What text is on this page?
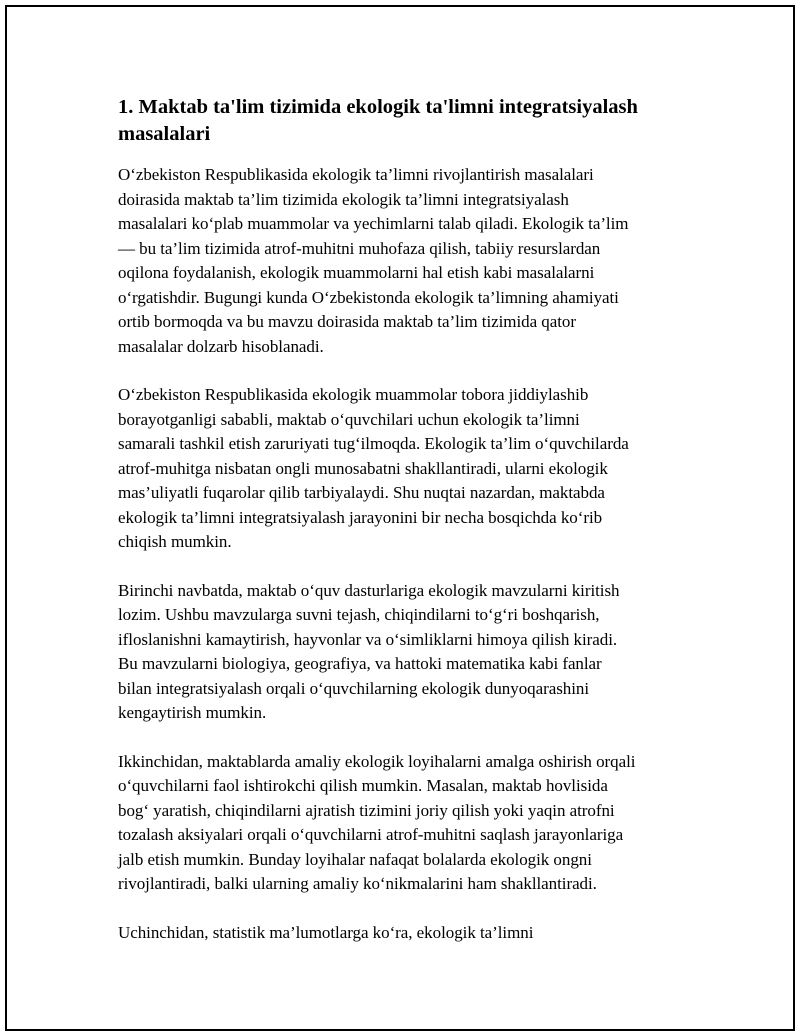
1. Maktab ta'lim tizimida ekologik ta'limni integratsiyalash
masalalari

O‘zbekiston Respublikasida ekologik ta’limni rivojlantirish masalalari
doirasida maktab ta’lim tizimida ekologik ta’limni integratsiyalash
masalalari ko‘plab muammolar va yechimlarni talab qiladi. Ekologik ta’lim
— bu ta’lim tizimida atrof-muhitni muhofaza qilish, tabiiy resurslardan
oqilona foydalanish, ekologik muammolarni hal etish kabi masalalarni
o‘rgatishdir. Bugungi kunda O‘zbekistonda ekologik ta’limning ahamiyati
ortib bormoqda va bu mavzu doirasida maktab ta’lim tizimida qator
masalalar dolzarb hisoblanadi.

O‘zbekiston Respublikasida ekologik muammolar tobora jiddiylashib
borayotganligi sababli, maktab o‘quvchilari uchun ekologik ta’limni
samarali tashkil etish zaruriyati tug‘ilmoqda. Ekologik ta’lim o‘quvchilarda
atrof-muhitga nisbatan ongli munosabatni shakllantiradi, ularni ekologik
mas’uliyatli fuqarolar qilib tarbiyalaydi. Shu nuqtai nazardan, maktabda
ekologik ta’limni integratsiyalash jarayonini bir necha bosqichda ko‘rib
chiqish mumkin.

Birinchi navbatda, maktab o‘quv dasturlariga ekologik mavzularni kiritish
lozim. Ushbu mavzularga suvni tejash, chiqindilarni to‘g‘ri boshqarish,
ifloslanishni kamaytirish, hayvonlar va o‘simliklarni himoya qilish kiradi.
Bu mavzularni biologiya, geografiya, va hattoki matematika kabi fanlar
bilan integratsiyalash orqali o‘quvchilarning ekologik dunyoqarashini
kengaytirish mumkin.

Ikkinchidan, maktablarda amaliy ekologik loyihalarni amalga oshirish orqali
o‘quvchilarni faol ishtirokchi qilish mumkin. Masalan, maktab hovlisida
bog‘ yaratish, chiqindilarni ajratish tizimini joriy qilish yoki yaqin atrofni
tozalash aksiyalari orqali o‘quvchilarni atrof-muhitni saqlash jarayonlariga
jalb etish mumkin. Bunday loyihalar nafaqat bolalarda ekologik ongni
rivojlantiradi, balki ularning amaliy ko‘nikmalarini ham shakllantiradi.

Uchinchidan, statistik ma’lumotlarga ko‘ra, ekologik ta’limni
